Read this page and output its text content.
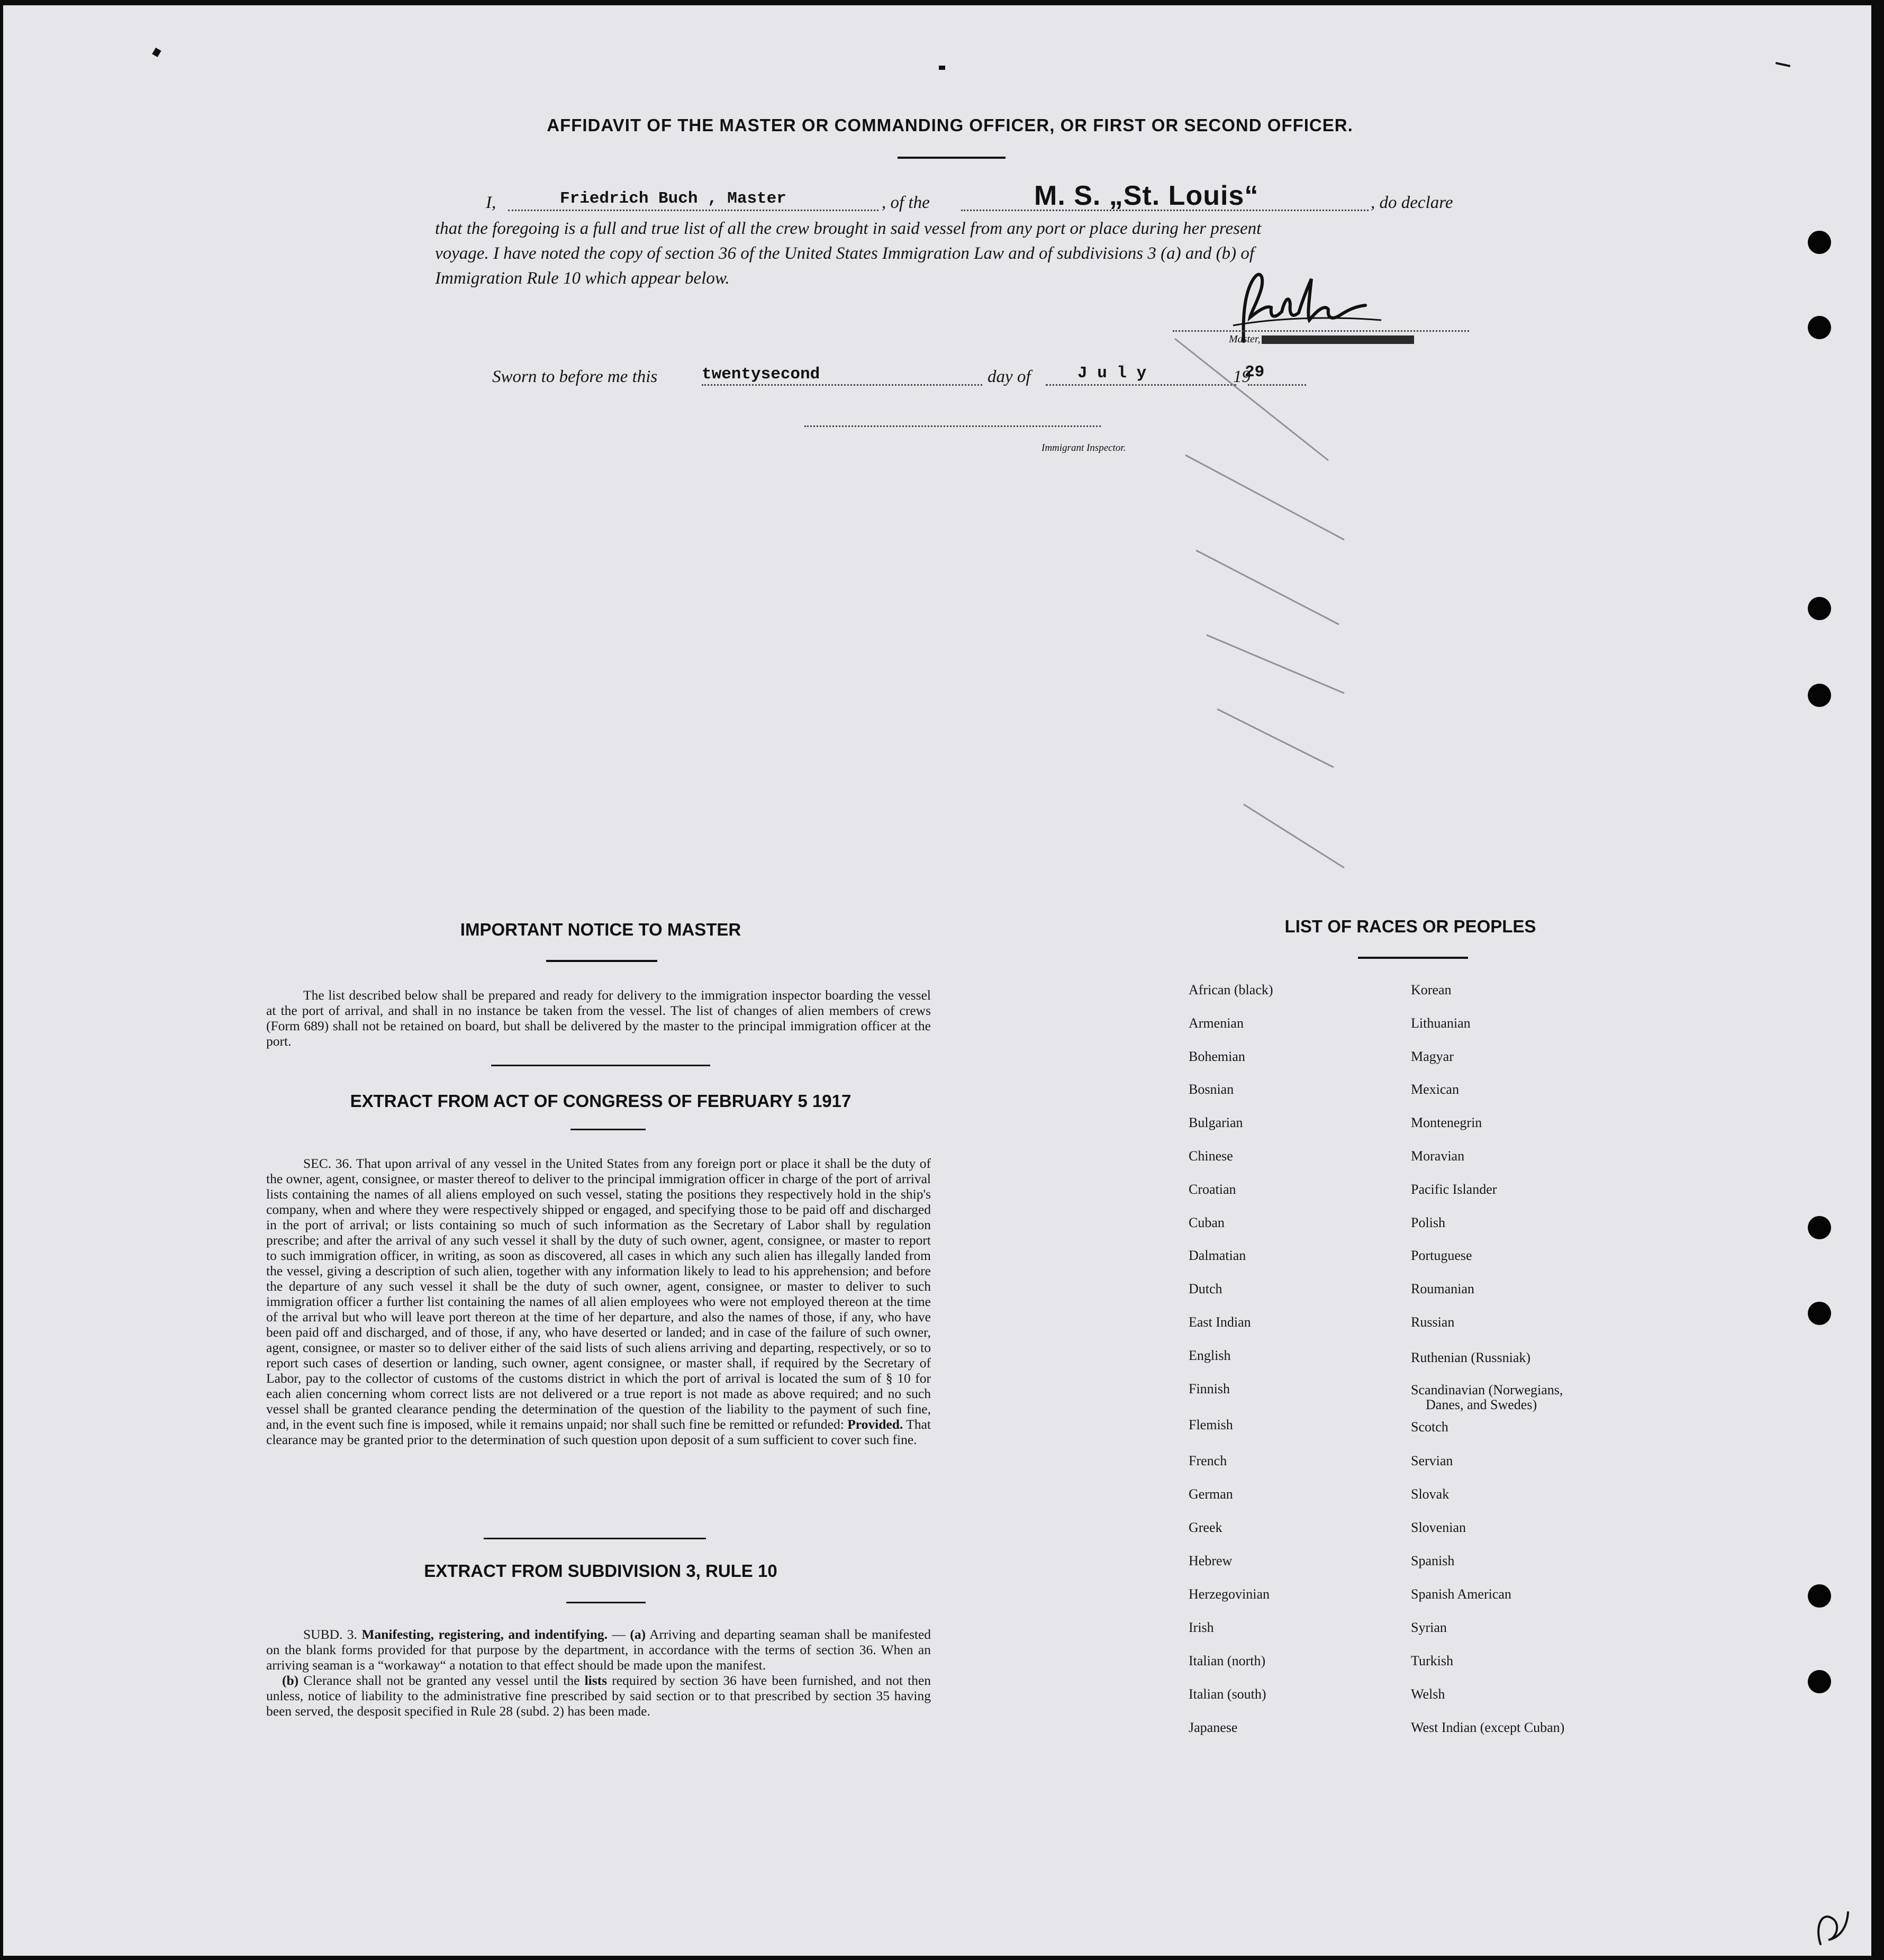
AFFIDAVIT OF THE MASTER OR COMMANDING OFFICER, OR FIRST OR SECOND OFFICER.
I,	Friedrich Buch , Master	, of the	M. S. „St. Louis“	, do declare
that the foregoing is a full and true list of all the crew brought in said vessel from any port or place during her present
voyage. I have noted the copy of section 36 of the United States Immigration Law and of subdivisions 3 (a) and (b) of
Immigration Rule 10 which appear below.
Master,
Sworn to before me this	twentysecond	day of	J u l y	19
29
Immigrant Inspector.
IMPORTANT NOTICE TO MASTER

The list described below shall be prepared and ready for delivery to the immigration inspector boarding the vessel at the port of arrival, and shall in no instance be taken from the vessel. The list of changes of alien members of crews (Form 689) shall not be retained on board, but shall be delivered by the master to the principal immigration officer at the port.

EXTRACT FROM ACT OF CONGRESS OF FEBRUARY 5 1917

SEC. 36. That upon arrival of any vessel in the United States from any foreign port or place it shall be the duty of the owner, agent, consignee, or master thereof to deliver to the principal immigration officer in charge of the port of arrival lists containing the names of all aliens employed on such vessel, stating the positions they respectively hold in the ship's company, when and where they were respectively shipped or engaged, and specifying those to be paid off and discharged in the port of arrival; or lists containing so much of such information as the Secretary of Labor shall by regulation prescribe; and after the arrival of any such vessel it shall by the duty of such owner, agent, consignee, or master to report to such immigration officer, in writing, as soon as discovered, all cases in which any such alien has illegally landed from the vessel, giving a description of such alien, together with any information likely to lead to his apprehension; and before the departure of any such vessel it shall be the duty of such owner, agent, consignee, or master to deliver to such immigration officer a further list containing the names of all alien employees who were not employed thereon at the time of the arrival but who will leave port thereon at the time of her departure, and also the names of those, if any, who have been paid off and discharged, and of those, if any, who have deserted or landed; and in case of the failure of such owner, agent, consignee, or master so to deliver either of the said lists of such aliens arriving and departing, respectively, or so to report such cases of desertion or landing, such owner, agent consignee, or master shall, if required by the Secretary of Labor, pay to the collector of customs of the customs district in which the port of arrival is located the sum of § 10 for each alien concerning whom correct lists are not delivered or a true report is not made as above required; and no such vessel shall be granted clearance pending the determination of the question of the liability to the payment of such fine, and, in the event such fine is imposed, while it remains unpaid; nor shall such fine be remitted or refunded: Provided. That clearance may be granted prior to the determination of such question upon deposit of a sum sufficient to cover such fine.

EXTRACT FROM SUBDIVISION 3, RULE 10

SUBD. 3. Manifesting, registering, and indentifying. — (a) Arriving and departing seaman shall be manifested on the blank forms provided for that purpose by the department, in accordance with the terms of section 36. When an arriving seaman is a “workaway“ a notation to that effect should be made upon the manifest.

(b) Clerance shall not be granted any vessel until the lists required by section 36 have been furnished, and not then unless, notice of liability to the administrative fine prescribed by said section or to that prescribed by section 35 having been served, the desposit specified in Rule 28 (subd. 2) has been made.

LIST OF RACES OR PEOPLES
African (black)
Armenian
Bohemian
Bosnian
Bulgarian
Chinese
Croatian
Cuban
Dalmatian
Dutch
East Indian
English
Finnish
Flemish
French
German
Greek
Hebrew
Herzegovinian
Irish
Italian (north)
Italian (south)
Japanese
Korean
Lithuanian
Magyar
Mexican
Montenegrin
Moravian
Pacific Islander
Polish
Portuguese
Roumanian
Russian
Ruthenian (Russniak)
Scandinavian (Norwegians,
Danes, and Swedes)
Scotch
Servian
Slovak
Slovenian
Spanish
Spanish American
Syrian
Turkish
Welsh
West Indian (except Cuban)
